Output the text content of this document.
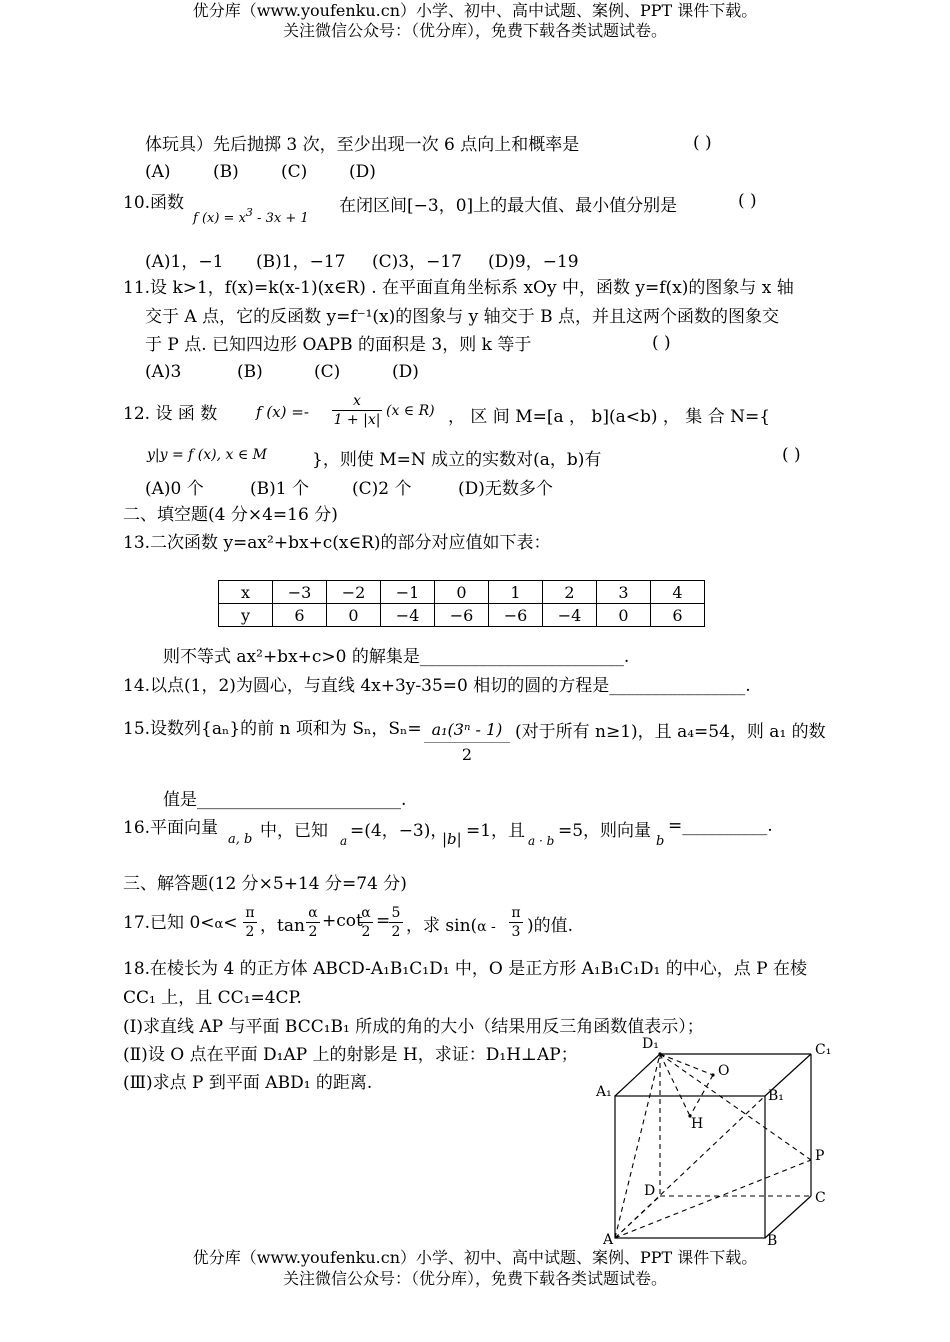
优分库（www.youfenku.cn）小学、初中、高中试题、案例、PPT 课件下载。
关注微信公众号：（优分库），免费下载各类试题试卷。
体玩具）先后抛掷 3 次，至少出现一次 6 点向上和概率是	( )
(A) (B) (C) (D)
10.函数
f $(x) = x^3 - 3x + 1$
在闭区间[−3，0]上的最大值、最小值分别是	( )
(A)1，−1 (B)1，−17 (C)3，−17 (D)9，−19
11.设 k>1，f(x)=k(x-1)(x∈R) . 在平面直角坐标系 xOy 中，函数 y=f(x)的图象与 x 轴
交于 A 点，它的反函数 y=f⁻¹(x)的图象与 y 轴交于 B 点，并且这两个函数的图象交
于 P 点. 已知四边形 OAPB 的面积是 3，则 k 等于	( )
(A)3	(B)	(C)	(D)
12. 设 函 数	f $(x) =- \frac{x}{1 + |x|} (x$ ∈ R) ， 区 间 M=[a ， b](a<b) ， 集 合 N={
y|y = f (x), x ∈ M	}，则使 M=N 成立的实数对(a，b)有	( )
(A)0 个	(B)1 个	(C)2 个	(D)无数多个
二、填空题(4 分×4=16 分)
13.二次函数 y=ax²+bx+c(x∈R)的部分对应值如下表：
x	−3	−2	−1	0	1	2	3	4
y	6	0	−4	−6	−6	−4	0	6
则不等式 ax²+bx+c>0 的解集是________________________.
14.以点(1，2)为圆心，与直线 4x+3y-35=0 相切的圆的方程是________________.
15.设数列{aₙ}的前 n 项和为 Sₙ，$S_n= \frac{\text{a₁(3ⁿ - 1)}}{2}$ (对于所有 n≥1)，且 a₄=54，则 a₁ 的数
值是________________________.
16.平面向量
a, b 中，已知 a =(4，−3)，
|b| =1，且 a · b =5，则向量
b
=__________.
三、解答题(12 分×5+14 分=74 分)
17.已知 0<α< π
2 ，tan
α
2
+cot
α
2
= 5
2 ，求 sin(α -
π
3 )的值.
18.在棱长为 4 的正方体 ABCD-A₁B₁C₁D₁ 中，O 是正方形 A₁B₁C₁D₁ 的中心，点 P 在棱
CC₁ 上，且 CC₁=4CP.
(I)求直线 AP 与平面 BCC₁B₁ 所成的角的大小（结果用反三角函数值表示）；
(Ⅱ)设 O 点在平面 D₁AP 上的射影是 H，求证：D₁H⊥AP；
(Ⅲ)求点 P 到平面 ABD₁ 的距离.
D₁	C₁
A₁	B₁
O
H
P
D	C
A	B
优分库（www.youfenku.cn）小学、初中、高中试题、案例、PPT 课件下载。
关注微信公众号：（优分库），免费下载各类试题试卷。
